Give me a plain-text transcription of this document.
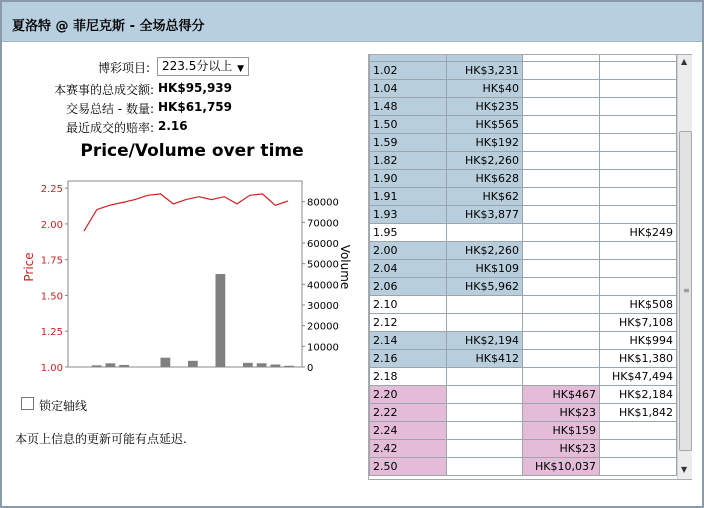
夏洛特 @ 菲尼克斯 - 全场总得分
博彩项目:	223.5分以上 ▼
本赛事的总成交额: HK$95,939
交易总结 - 数量: HK$61,759
最近成交的赔率: 2.16
Price/Volume over time
2.25
2.00
1.75
1.50
1.25
1.00
80000
70000
60000
50000
40000
30000
20000
10000
0
Price	Volume
锁定轴线
本页上信息的更新可能有点延迟.

1.02	HK$3,231		
1.04	HK$40		
1.48	HK$235		
1.50	HK$565		
1.59	HK$192		
1.82	HK$2,260		
1.90	HK$628		
1.91	HK$62		
1.93	HK$3,877		
1.95			HK$249
2.00	HK$2,260		
2.04	HK$109		
2.06	HK$5,962		
2.10			HK$508
2.12			HK$7,108
2.14	HK$2,194		HK$994
2.16	HK$412		HK$1,380
2.18			HK$47,494
2.20		HK$467	HK$2,184
2.22		HK$23	HK$1,842
2.24		HK$159	
2.42		HK$23	
2.50		HK$10,037	
▲
≡
▼
